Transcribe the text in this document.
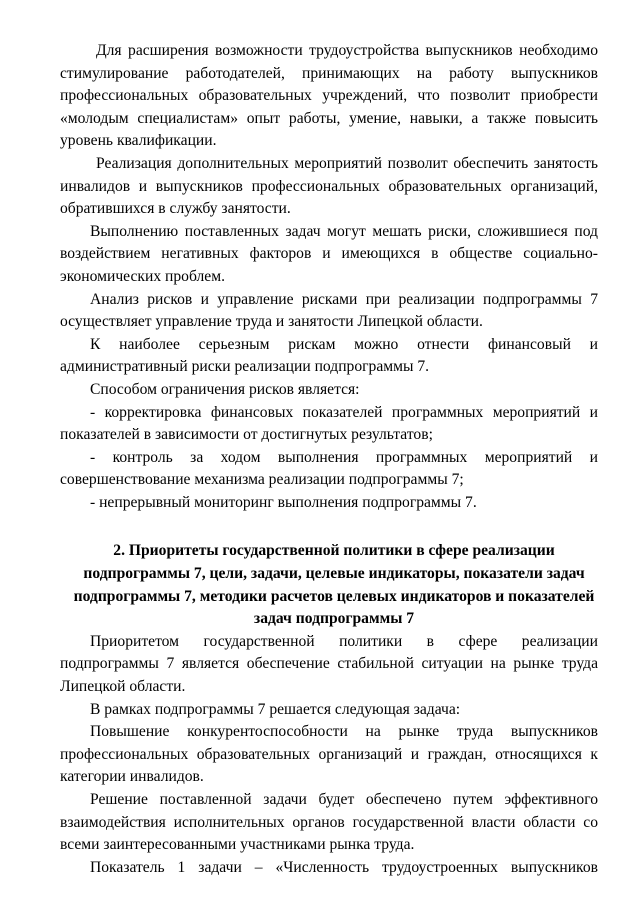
Для расширения возможности трудоустройства выпускников необходимо стимулирование работодателей, принимающих на работу выпускников профессиональных образовательных учреждений, что позволит приобрести «молодым специалистам» опыт работы, умение, навыки, а также повысить уровень квалификации.

Реализация дополнительных мероприятий позволит обеспечить занятость инвалидов и выпускников профессиональных образовательных организаций, обратившихся в службу занятости.

Выполнению поставленных задач могут мешать риски, сложившиеся под воздействием негативных факторов и имеющихся в обществе социально-экономических проблем.

Анализ рисков и управление рисками при реализации подпрограммы 7 осуществляет управление труда и занятости Липецкой области.

К наиболее серьезным рискам можно отнести финансовый и административный риски реализации подпрограммы 7.

Способом ограничения рисков является:

- корректировка финансовых показателей программных мероприятий и показателей в зависимости от достигнутых результатов;

- контроль за ходом выполнения программных мероприятий и совершенствование механизма реализации подпрограммы 7;

- непрерывный мониторинг выполнения подпрограммы 7.

2. Приоритеты государственной политики в сфере реализации
подпрограммы 7, цели, задачи, целевые индикаторы, показатели задач
подпрограммы 7, методики расчетов целевых индикаторов и показателей
задач подпрограммы 7

Приоритетом государственной политики в сфере реализации подпрограммы 7 является обеспечение стабильной ситуации на рынке труда Липецкой области.

В рамках подпрограммы 7 решается следующая задача:

Повышение конкурентоспособности на рынке труда выпускников профессиональных образовательных организаций и граждан, относящихся к категории инвалидов.

Решение поставленной задачи будет обеспечено путем эффективного взаимодействия исполнительных органов государственной власти области со всеми заинтересованными участниками рынка труда.

Показатель 1 задачи – «Численность трудоустроенных выпускников
